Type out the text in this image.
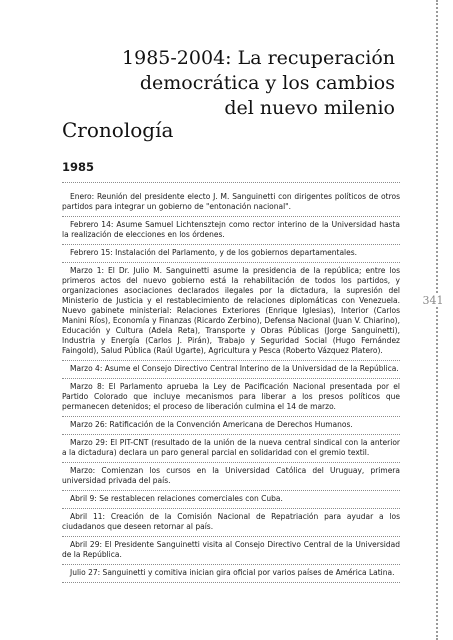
341
1985-2004: La recuperación
democrática y los cambios
del nuevo milenio
Cronología
1985

Enero: Reunión del presidente electo J. M. Sanguinetti con dirigentes políticos de otros partidos para integrar un gobierno de "entonación nacional".

Febrero 14: Asume Samuel Lichtensztejn como rector interino de la Universidad hasta la realización de elecciones en los órdenes.

Febrero 15: Instalación del Parlamento, y de los gobiernos departamentales.

Marzo 1: El Dr. Julio M. Sanguinetti asume la presidencia de la república; entre los primeros actos del nuevo gobierno está la rehabilitación de todos los partidos, y organizaciones asociaciones declarados ilegales por la dictadura, la supresión del Ministerio de Justicia y el restablecimiento de relaciones diplomáticas con Venezuela. Nuevo gabinete ministerial: Relaciones Exteriores (Enrique Iglesias), Interior (Carlos Manini Ríos), Economía y Finanzas (Ricardo Zerbino), Defensa Nacional (Juan V. Chiarino), Educación y Cultura (Adela Reta), Transporte y Obras Públicas (Jorge Sanguinetti), Industria y Energía (Carlos J. Pirán), Trabajo y Seguridad Social (Hugo Fernández Faingold), Salud Pública (Raúl Ugarte), Agricultura y Pesca (Roberto Vázquez Platero).

Marzo 4: Asume el Consejo Directivo Central Interino de la Universidad de la República.

Marzo 8: El Parlamento aprueba la Ley de Pacificación Nacional presentada por el Partido Colorado que incluye mecanismos para liberar a los presos políticos que permanecen detenidos; el proceso de liberación culmina el 14 de marzo.

Marzo 26: Ratificación de la Convención Americana de Derechos Humanos.

Marzo 29: El PIT-CNT (resultado de la unión de la nueva central sindical con la anterior a la dictadura) declara un paro general parcial en solidaridad con el gremio textil.

Marzo: Comienzan los cursos en la Universidad Católica del Uruguay, primera universidad privada del país.

Abril 9: Se restablecen relaciones comerciales con Cuba.

Abril 11: Creación de la Comisión Nacional de Repatriación para ayudar a los ciudadanos que deseen retornar al país.

Abril 29: El Presidente Sanguinetti visita al Consejo Directivo Central de la Universidad de la República.

Julio 27: Sanguinetti y comitiva inician gira oficial por varios países de América Latina.
